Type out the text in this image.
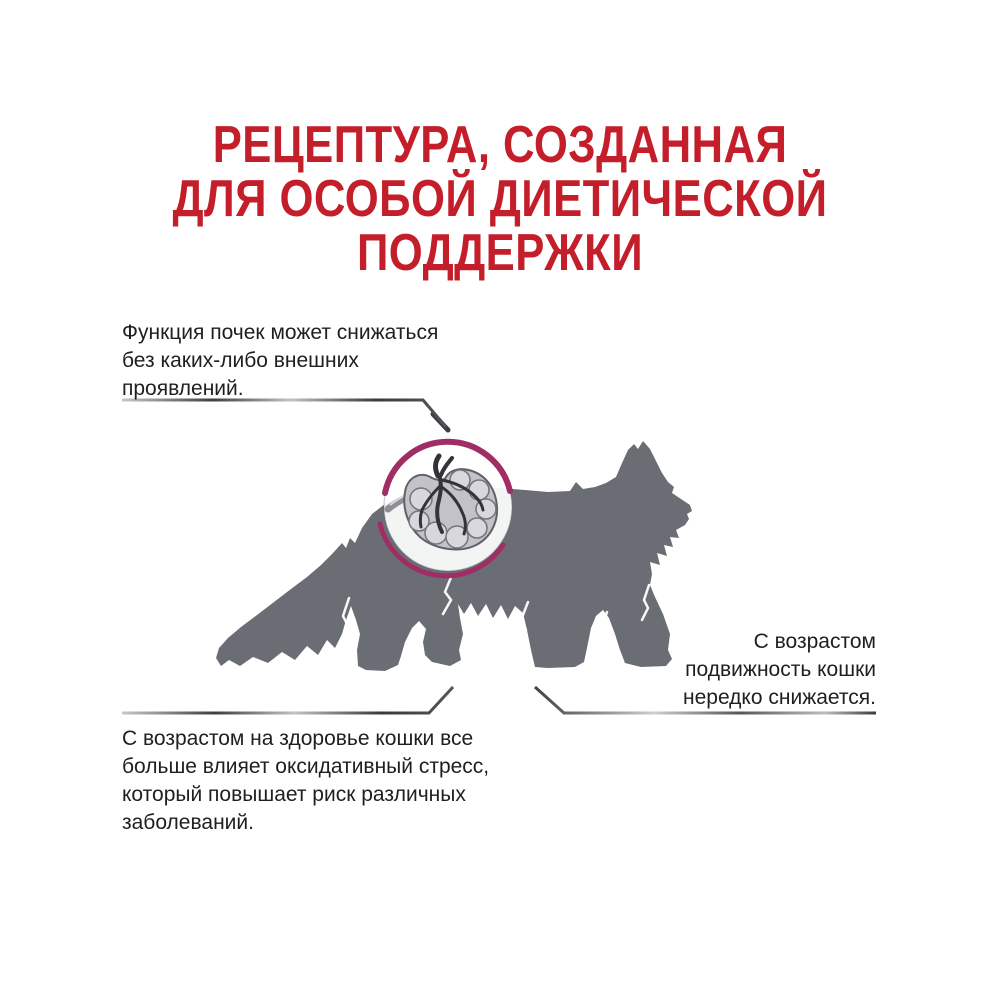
РЕЦЕПТУРА, СОЗДАННАЯ
ДЛЯ ОСОБОЙ ДИЕТИЧЕСКОЙ
ПОДДЕРЖКИ
Функция почек может снижаться
без каких-либо внешних
проявлений.
С возрастом
подвижность кошки
нередко снижается.
С возрастом на здоровье кошки все
больше влияет оксидативный стресс,
который повышает риск различных
заболеваний.
